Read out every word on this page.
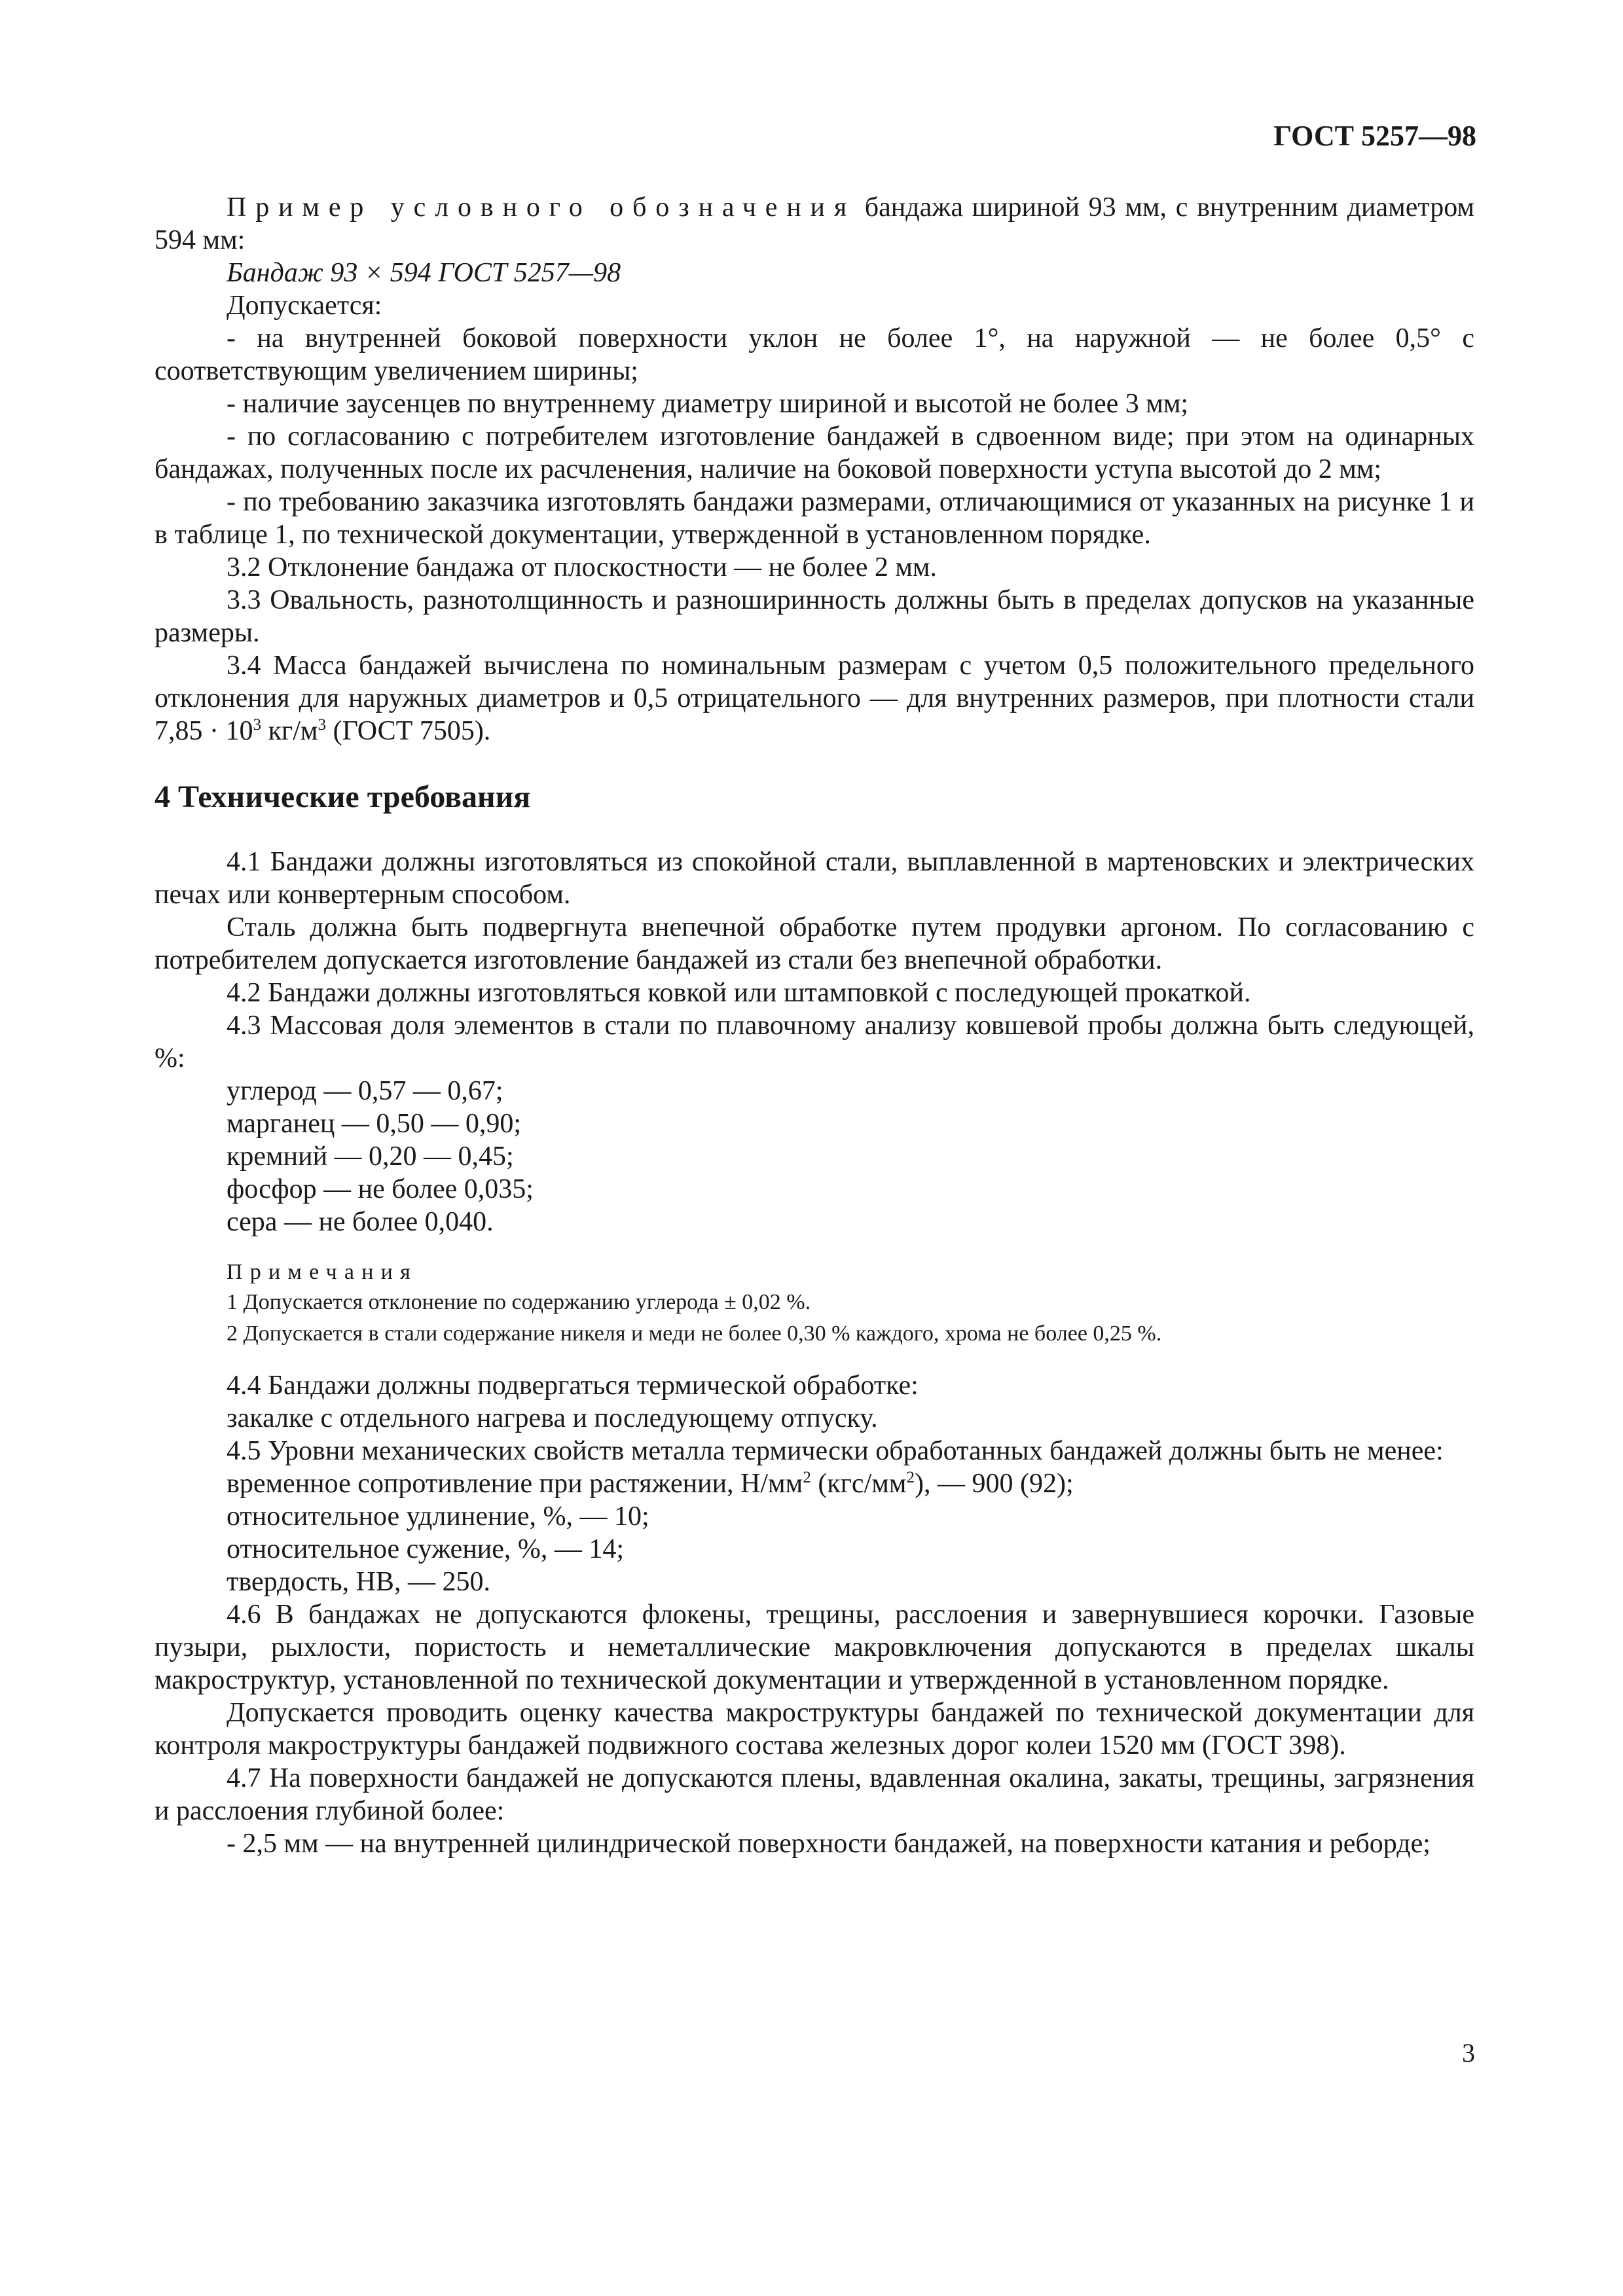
ГОСТ 5257—98

Пример условного обозначения бандажа шириной 93 мм, с внутренним диаметром 594 мм:

Бандаж 93 × 594 ГОСТ 5257—98

Допускается:

- на внутренней боковой поверхности уклон не более 1°, на наружной — не более 0,5° с соответствующим увеличением ширины;

- наличие заусенцев по внутреннему диаметру шириной и высотой не более 3 мм;

- по согласованию с потребителем изготовление бандажей в сдвоенном виде; при этом на одинарных бандажах, полученных после их расчленения, наличие на боковой поверхности уступа высотой до 2 мм;

- по требованию заказчика изготовлять бандажи размерами, отличающимися от указанных на рисунке 1 и в таблице 1, по технической документации, утвержденной в установленном порядке.

3.2 Отклонение бандажа от плоскостности — не более 2 мм.

3.3 Овальность, разнотолщинность и разноширинность должны быть в пределах допусков на указанные размеры.

3.4 Масса бандажей вычислена по номинальным размерам с учетом 0,5 положительного предельного отклонения для наружных диаметров и 0,5 отрицательного — для внутренних размеров, при плотности стали $7,85 \cdot 10^3$ $кг/м^3$ (ГОСТ 7505).

4 Технические требования

4.1 Бандажи должны изготовляться из спокойной стали, выплавленной в мартеновских и электрических печах или конвертерным способом.

Сталь должна быть подвергнута внепечной обработке путем продувки аргоном. По согласованию с потребителем допускается изготовление бандажей из стали без внепечной обработки.

4.2 Бандажи должны изготовляться ковкой или штамповкой с последующей прокаткой.

4.3 Массовая доля элементов в стали по плавочному анализу ковшевой пробы должна быть следующей, %:

углерод — 0,57 — 0,67;

марганец — 0,50 — 0,90;

кремний — 0,20 — 0,45;

фосфор — не более 0,035;

сера — не более 0,040.

Примечания

1 Допускается отклонение по содержанию углерода ± 0,02 %.

2 Допускается в стали содержание никеля и меди не более 0,30 % каждого, хрома не более 0,25 %.

4.4 Бандажи должны подвергаться термической обработке:

закалке с отдельного нагрева и последующему отпуску.

4.5 Уровни механических свойств металла термически обработанных бандажей должны быть не менее:

временное сопротивление при растяжении, $Н/мм^2$ $(кгс/мм^2)$, — 900 (92);

относительное удлинение, %, — 10;

относительное сужение, %, — 14;

твердость, НВ, — 250.

4.6 В бандажах не допускаются флокены, трещины, расслоения и завернувшиеся корочки. Газовые пузыри, рыхлости, пористость и неметаллические макровключения допускаются в пределах шкалы макроструктур, установленной по технической документации и утвержденной в установленном порядке.

Допускается проводить оценку качества макроструктуры бандажей по технической документации для контроля макроструктуры бандажей подвижного состава железных дорог колеи 1520 мм (ГОСТ 398).

4.7 На поверхности бандажей не допускаются плены, вдавленная окалина, закаты, трещины, загрязнения и расслоения глубиной более:

- 2,5 мм — на внутренней цилиндрической поверхности бандажей, на поверхности катания и реборде;

3
